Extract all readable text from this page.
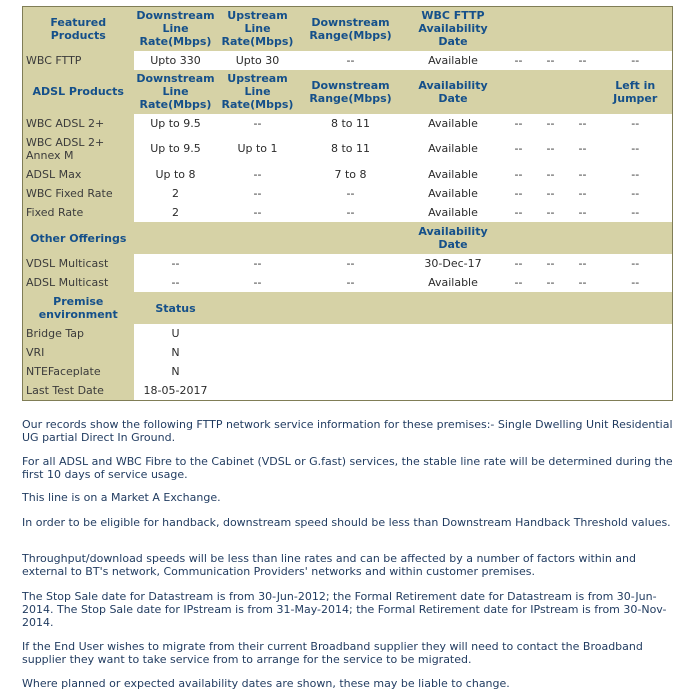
Featured Products	Downstream Line Rate(Mbps)	Upstream Line Rate(Mbps)	Downstream Range(Mbps)	WBC FTTP Availability Date				
WBC FTTP	Upto 330	Upto 30	--	Available	--	--	--	--
ADSL Products	Downstream Line Rate(Mbps)	Upstream Line Rate(Mbps)	Downstream Range(Mbps)	Availability Date				Left in Jumper
WBC ADSL 2+	Up to 9.5	--	8 to 11	Available	--	--	--	--
WBC ADSL 2+ Annex M	Up to 9.5	Up to 1	8 to 11	Available	--	--	--	--
ADSL Max	Up to 8	--	7 to 8	Available	--	--	--	--
WBC Fixed Rate	2	--	--	Available	--	--	--	--
Fixed Rate	2	--	--	Available	--	--	--	--
Other Offerings				Availability Date				
VDSL Multicast	--	--	--	30-Dec-17	--	--	--	--
ADSL Multicast	--	--	--	Available	--	--	--	--
Premise environment	Status							
Bridge Tap	U							
VRI	N							
NTEFaceplate	N							
Last Test Date	18-05-2017							

Our records show the following FTTP network service information for these premises:- Single Dwelling Unit Residential UG partial Direct In Ground.

For all ADSL and WBC Fibre to the Cabinet (VDSL or G.fast) services, the stable line rate will be determined during the first 10 days of service usage.

This line is on a Market A Exchange.

In order to be eligible for handback, downstream speed should be less than Downstream Handback Threshold values.

Throughput/download speeds will be less than line rates and can be affected by a number of factors within and external to BT's network, Communication Providers' networks and within customer premises.

The Stop Sale date for Datastream is from 30-Jun-2012; the Formal Retirement date for Datastream is from 30-Jun-2014. The Stop Sale date for IPstream is from 31-May-2014; the Formal Retirement date for IPstream is from 30-Nov-2014.

If the End User wishes to migrate from their current Broadband supplier they will need to contact the Broadband supplier they want to take service from to arrange for the service to be migrated.

Where planned or expected availability dates are shown, these may be liable to change.
